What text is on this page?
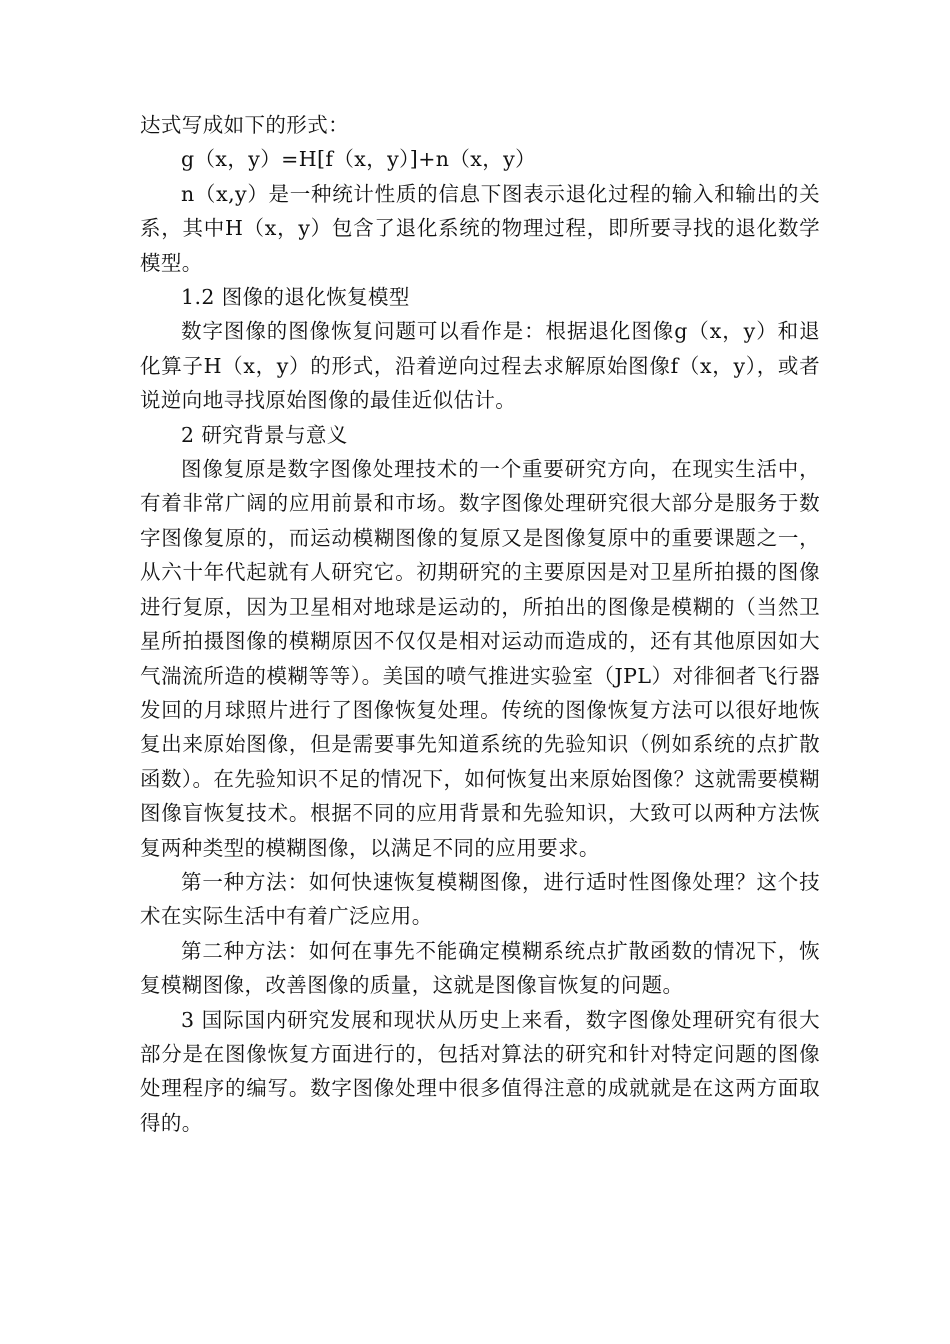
达式写成如下的形式：

g（x，y）=H[f（x，y）]+n（x，y）

n（x,y）是一种统计性质的信息下图表示退化过程的输入和输出的关系，其中H（x，y）包含了退化系统的物理过程，即所要寻找的退化数学模型。

1.2 图像的退化恢复模型

数字图像的图像恢复问题可以看作是：根据退化图像g（x，y）和退化算子H（x，y）的形式，沿着逆向过程去求解原始图像f（x，y），或者说逆向地寻找原始图像的最佳近似估计。

2 研究背景与意义

图像复原是数字图像处理技术的一个重要研究方向，在现实生活中，有着非常广阔的应用前景和市场。数字图像处理研究很大部分是服务于数字图像复原的，而运动模糊图像的复原又是图像复原中的重要课题之一，从六十年代起就有人研究它。初期研究的主要原因是对卫星所拍摄的图像进行复原，因为卫星相对地球是运动的，所拍出的图像是模糊的（当然卫星所拍摄图像的模糊原因不仅仅是相对运动而造成的，还有其他原因如大气湍流所造的模糊等等）。美国的喷气推进实验室（JPL）对徘徊者飞行器发回的月球照片进行了图像恢复处理。传统的图像恢复方法可以很好地恢复出来原始图像，但是需要事先知道系统的先验知识（例如系统的点扩散函数）。在先验知识不足的情况下，如何恢复出来原始图像？这就需要模糊图像盲恢复技术。根据不同的应用背景和先验知识，大致可以两种方法恢复两种类型的模糊图像，以满足不同的应用要求。

第一种方法：如何快速恢复模糊图像，进行适时性图像处理？这个技术在实际生活中有着广泛应用。

第二种方法：如何在事先不能确定模糊系统点扩散函数的情况下，恢复模糊图像，改善图像的质量，这就是图像盲恢复的问题。

3 国际国内研究发展和现状从历史上来看，数字图像处理研究有很大部分是在图像恢复方面进行的，包括对算法的研究和针对特定问题的图像处理程序的编写。数字图像处理中很多值得注意的成就就是在这两方面取得的。
